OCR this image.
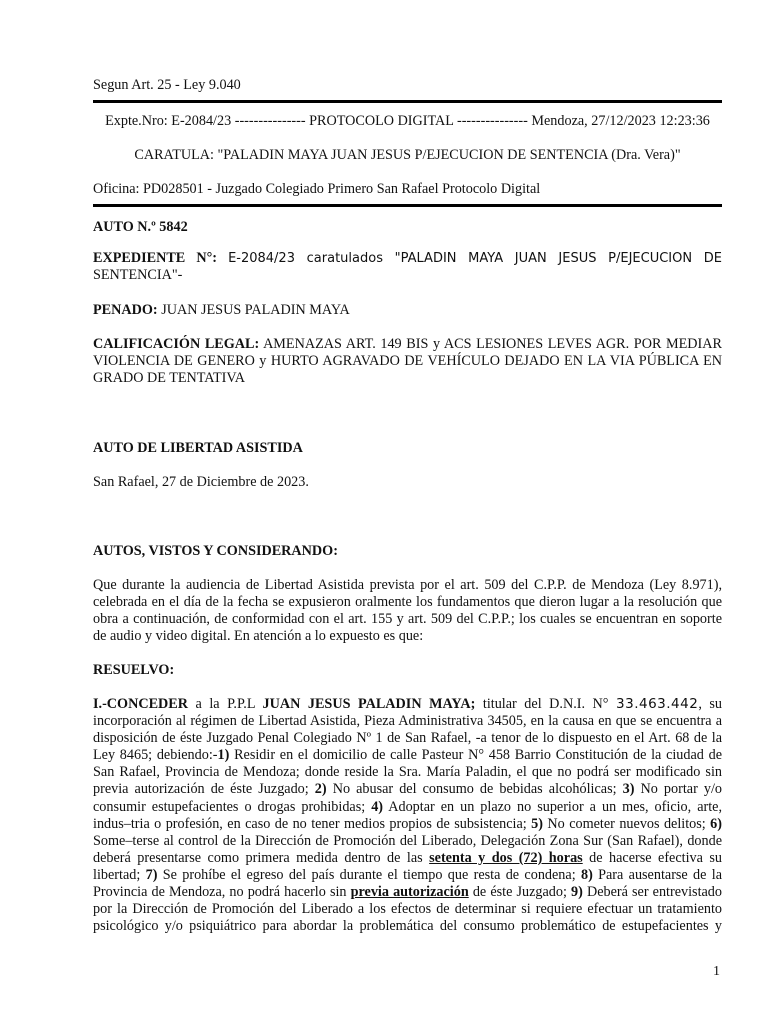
Segun Art. 25 - Ley 9.040
Expte.Nro: E-2084/23 --------------- PROTOCOLO DIGITAL --------------- Mendoza, 27/12/2023 12:23:36
CARATULA: "PALADIN MAYA JUAN JESUS P/EJECUCION DE SENTENCIA (Dra. Vera)"
Oficina: PD028501 - Juzgado Colegiado Primero San Rafael Protocolo Digital
AUTO N.º 5842
EXPEDIENTE N°: E-2084/23 caratulados "PALADIN MAYA JUAN JESUS P/EJECUCION DE
SENTENCIA"-
PENADO: JUAN JESUS PALADIN MAYA
CALIFICACIÓN LEGAL: AMENAZAS ART. 149 BIS y ACS LESIONES LEVES AGR. POR MEDIAR
VIOLENCIA DE GENERO y HURTO AGRAVADO DE VEHÍCULO DEJADO EN LA VIA PÚBLICA EN
GRADO DE TENTATIVA
AUTO DE LIBERTAD ASISTIDA
San Rafael, 27 de Diciembre de 2023.
AUTOS, VISTOS Y CONSIDERANDO:
Que durante la audiencia de Libertad Asistida prevista por el art. 509 del C.P.P. de Mendoza (Ley 8.971),
celebrada en el día de la fecha se expusieron oralmente los fundamentos que dieron lugar a la resolución que
obra a continuación, de conformidad con el art. 155 y art. 509 del C.P.P.; los cuales se encuentran en soporte
de audio y video digital. En atención a lo expuesto es que:
RESUELVO:
I.-CONCEDER a la P.P.L JUAN JESUS PALADIN MAYA; titular del D.N.I. N° 33.463.442, su
incorporación al régimen de Libertad Asistida, Pieza Administrativa 34505, en la causa en que se encuentra a
disposición de éste Juzgado Penal Colegiado Nº 1 de San Rafael, -a tenor de lo dispuesto en el Art. 68 de la
Ley 8465; debiendo:-1) Residir en el domicilio de calle Pasteur N° 458 Barrio Constitución de la ciudad de
San Rafael, Provincia de Mendoza; donde reside la Sra. María Paladin, el que no podrá ser modificado sin
previa autorización de éste Juzgado; 2) No abusar del consumo de bebidas alcohólicas; 3) No portar y/o
consumir estupefacientes o drogas prohibidas; 4) Adoptar en un plazo no superior a un mes, oficio, arte,
indus–tria o profesión, en caso de no tener medios propios de subsistencia; 5) No cometer nuevos delitos; 6)
Some–terse al control de la Dirección de Promoción del Liberado, Delegación Zona Sur (San Rafael), donde
deberá presentarse como primera medida dentro de las setenta y dos (72) horas de hacerse efectiva su
libertad; 7) Se prohíbe el egreso del país durante el tiempo que resta de condena; 8) Para ausentarse de la
Provincia de Mendoza, no podrá hacerlo sin previa autorización de éste Juzgado; 9) Deberá ser entrevistado
por la Dirección de Promoción del Liberado a los efectos de determinar si requiere efectuar un tratamiento
psicológico y/o psiquiátrico para abordar la problemática del consumo problemático de estupefacientes y
1
